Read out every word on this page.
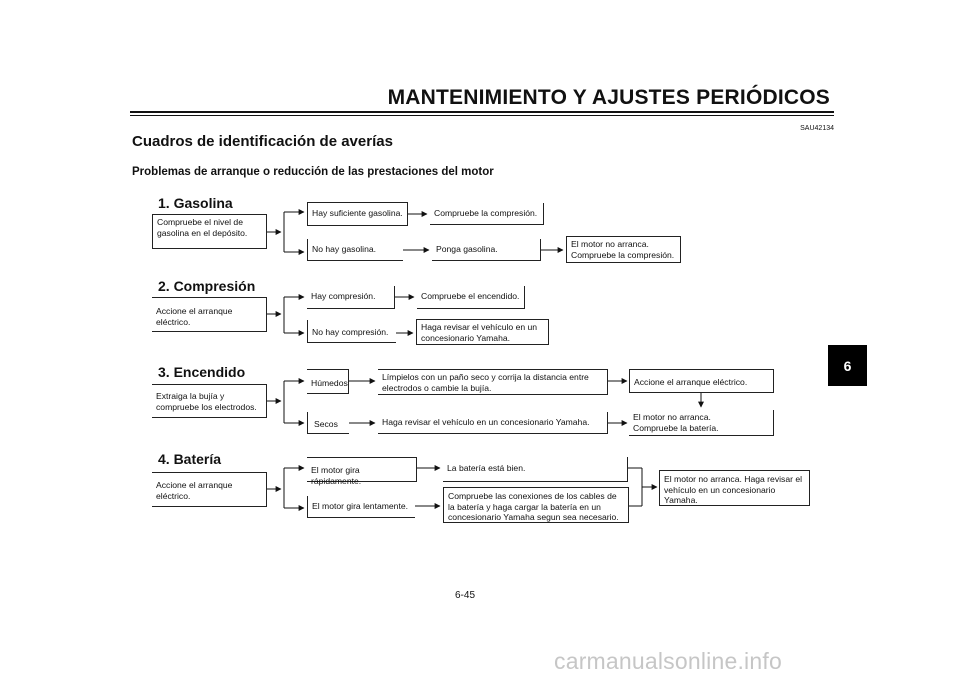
MANTENIMIENTO Y AJUSTES PERIÓDICOS
SAU42134
Cuadros de identificación de averías
Problemas de arranque o reducción de las prestaciones del motor
6
1. Gasolina
Compruebe el nivel de
gasolina en el depósito.
Hay suficiente gasolina.
No hay gasolina.
Compruebe la compresión.
Ponga gasolina.	El motor no arranca.
Compruebe la compresión.
2. Compresión
Accione el arranque
eléctrico.
Hay compresión.
No hay compresión.
Compruebe el encendido.
Haga revisar el vehículo en un
concesionario Yamaha.
3. Encendido
Extraiga la bujía y
compruebe los electrodos.
Húmedos
Secos
Límpielos con un paño seco y corrija la distancia entre
electrodos o cambie la bujía.
Haga revisar el vehículo en un concesionario Yamaha.
Accione el arranque eléctrico.
El motor no arranca.
Compruebe la batería.
4. Batería
Accione el arranque
eléctrico.
El motor gira rápidamente.
El motor gira lentamente.
La batería está bien.
Compruebe las conexiones de los cables de
la batería y haga cargar la batería en un
concesionario Yamaha segun sea necesario.
El motor no arranca. Haga revisar el
vehículo en un concesionario
Yamaha.
6-45
carmanualsonline.info
